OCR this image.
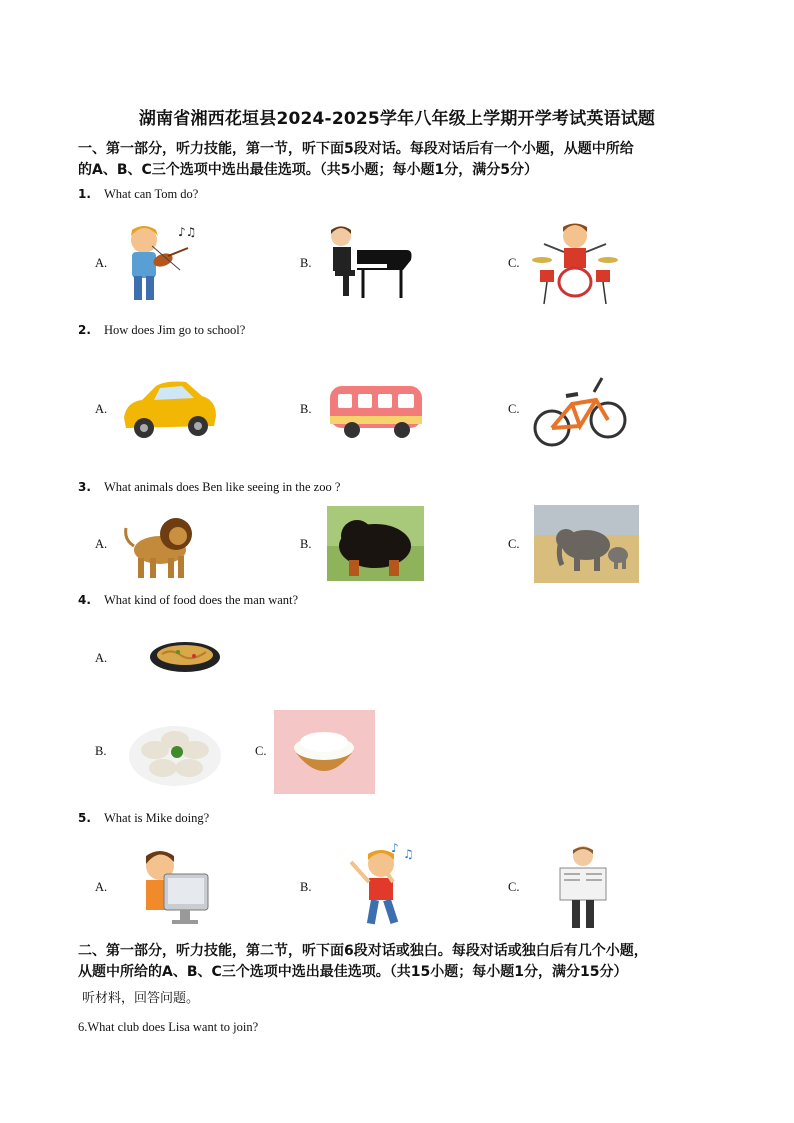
湖南省湘西花垣县2024-2025学年八年级上学期开学考试英语试题
一、第一部分，听力技能，第一节，听下面5段对话。每段对话后有一个小题，从题中所给
的A、B、C三个选项中选出最佳选项。（共5小题；每小题1分，满分5分）
1. What can Tom do?
A.	B.	C.
♪♫
2. How does Jim go to school?
A.	B.	C.
3. What animals does Ben like seeing in the zoo ?
A.	B.	C.
4. What kind of food does the man want?
A.
B.	C.
5. What is Mike doing?
A.	B.	C.
♪ ♫
二、第一部分，听力技能，第二节，听下面6段对话或独白。每段对话或独白后有几个小题，
从题中所给的A、B、C三个选项中选出最佳选项。（共15小题；每小题1分，满分15分）
听材料，回答问题。
6.What club does Lisa want to join?
